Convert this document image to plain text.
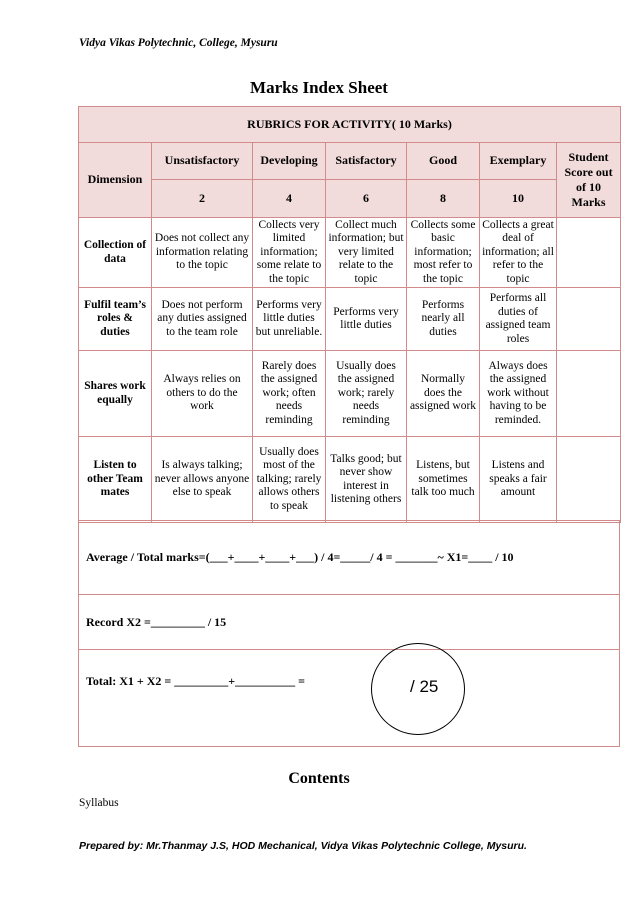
Vidya Vikas Polytechnic, College, Mysuru
Marks Index Sheet
RUBRICS FOR ACTIVITY( 10 Marks)						
Dimension	Unsatisfactory	Developing	Satisfactory	Good	Exemplary	Student Score out of 10 Marks
	2	4	6	8	10	
Collection of data	Does not collect any information relating to the topic	Collects very limited information; some relate to the topic	Collect much information; but very limited relate to the topic	Collects some basic information; most refer to the topic	Collects a great deal of information; all refer to the topic	
Fulfil team’s roles & duties	Does not perform any duties assigned to the team role	Performs very little duties but unreliable.	Performs very little duties	Performs nearly all duties	Performs all duties of assigned team roles	
Shares work equally	Always relies on others to do the work	Rarely does the assigned work; often needs reminding	Usually does the assigned work; rarely needs reminding	Normally does the assigned work	Always does the assigned work without having to be reminded.	
Listen to other Team mates	Is always talking; never allows anyone else to speak	Usually does most of the talking; rarely allows others to speak	Talks good; but never show interest in listening others	Listens, but sometimes talk too much	Listens and speaks a fair amount	
Average / Total marks=(___+____+____+___) / 4=_____/ 4 = _______~ X1=____ / 10
Record X2 =_________ / 15
Total: X1 + X2 = _________+__________ =	/ 25
Contents
Syllabus
Prepared by: Mr.Thanmay J.S, HOD Mechanical, Vidya Vikas Polytechnic College, Mysuru.
